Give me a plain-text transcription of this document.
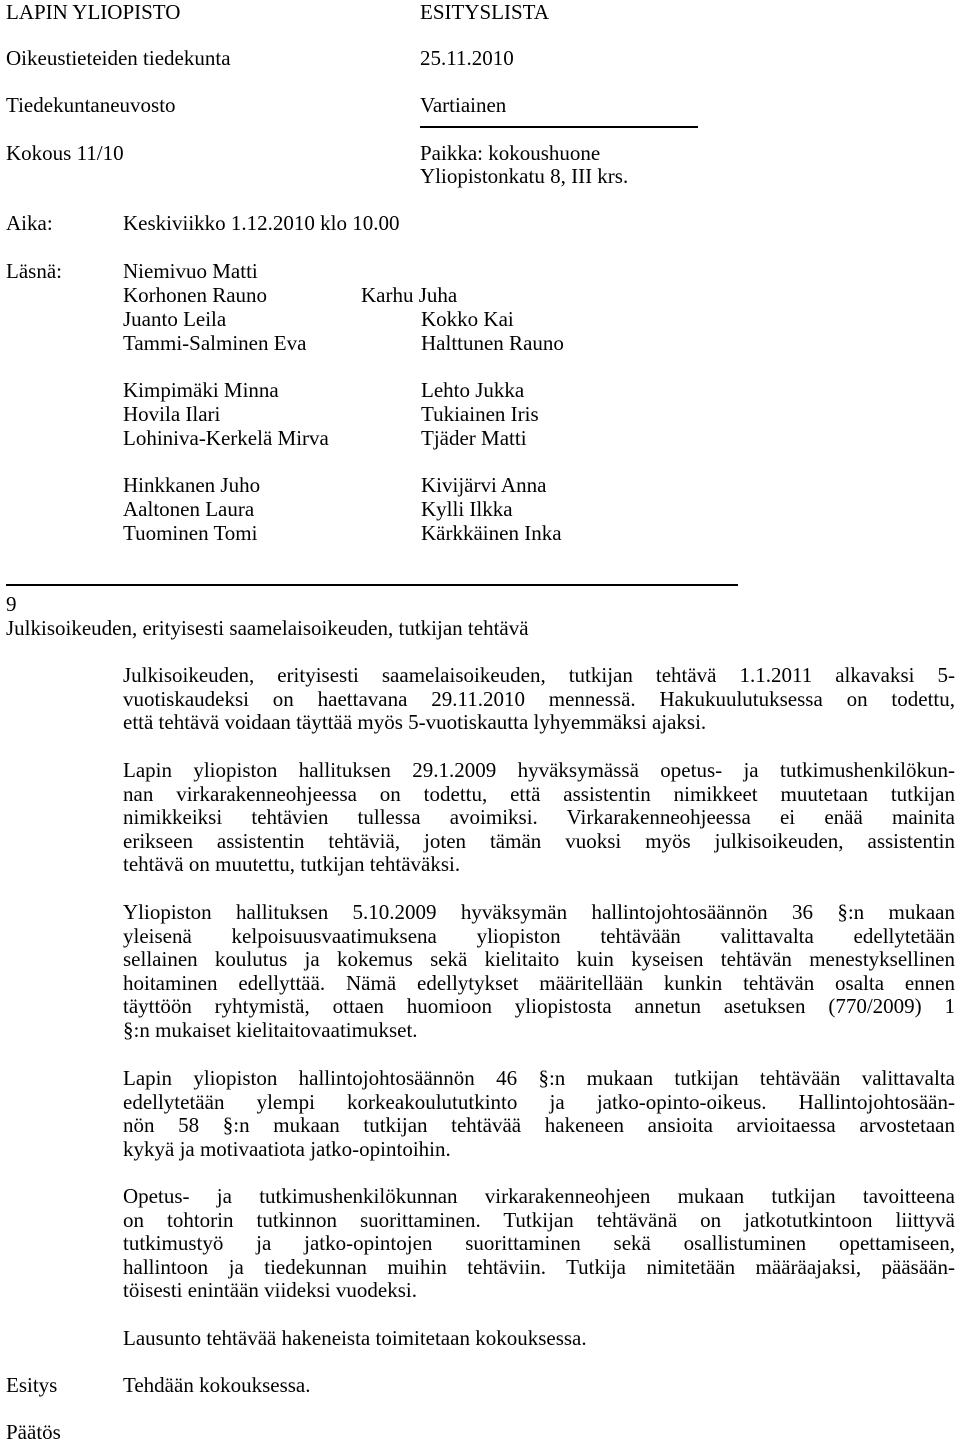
LAPIN YLIOPISTO	ESITYSLISTA
Oikeustieteiden tiedekunta	25.11.2010
Tiedekuntaneuvosto	Vartiainen
Kokous 11/10	Paikka: kokoushuone
Yliopistonkatu 8, III krs.
Aika:	Keskiviikko 1.12.2010 klo 10.00
Läsnä:	Niemivuo Matti
Korhonen Rauno	Karhu Juha
Juanto Leila	Kokko Kai
Tammi-Salminen Eva	Halttunen Rauno
Kimpimäki Minna	Lehto Jukka
Hovila Ilari	Tukiainen Iris
Lohiniva-Kerkelä Mirva	Tjäder Matti
Hinkkanen Juho	Kivijärvi Anna
Aaltonen Laura	Kylli Ilkka
Tuominen Tomi	Kärkkäinen Inka
9
Julkisoikeuden, erityisesti saamelaisoikeuden, tutkijan tehtävä
Julkisoikeuden, erityisesti saamelaisoikeuden, tutkijan tehtävä 1.1.2011 alkavaksi 5-
vuotiskaudeksi on haettavana 29.11.2010 mennessä. Hakukuulutuksessa on todettu,
että tehtävä voidaan täyttää myös 5-vuotiskautta lyhyemmäksi ajaksi.
Lapin yliopiston hallituksen 29.1.2009 hyväksymässä opetus- ja tutkimushenkilökun-
nan virkarakenneohjeessa on todettu, että assistentin nimikkeet muutetaan tutkijan
nimikkeiksi tehtävien tullessa avoimiksi. Virkarakenneohjeessa ei enää mainita
erikseen assistentin tehtäviä, joten tämän vuoksi myös julkisoikeuden, assistentin
tehtävä on muutettu, tutkijan tehtäväksi.
Yliopiston hallituksen 5.10.2009 hyväksymän hallintojohtosäännön 36 §:n mukaan
yleisenä kelpoisuusvaatimuksena yliopiston tehtävään valittavalta edellytetään
sellainen koulutus ja kokemus sekä kielitaito kuin kyseisen tehtävän menestyksellinen
hoitaminen edellyttää. Nämä edellytykset määritellään kunkin tehtävän osalta ennen
täyttöön ryhtymistä, ottaen huomioon yliopistosta annetun asetuksen (770/2009) 1
§:n mukaiset kielitaitovaatimukset.
Lapin yliopiston hallintojohtosäännön 46 §:n mukaan tutkijan tehtävään valittavalta
edellytetään ylempi korkeakoulututkinto ja jatko-opinto-oikeus. Hallintojohtosään-
nön 58 §:n mukaan tutkijan tehtävää hakeneen ansioita arvioitaessa arvostetaan
kykyä ja motivaatiota jatko-opintoihin.
Opetus- ja tutkimushenkilökunnan virkarakenneohjeen mukaan tutkijan tavoitteena
on tohtorin tutkinnon suorittaminen. Tutkijan tehtävänä on jatkotutkintoon liittyvä
tutkimustyö ja jatko-opintojen suorittaminen sekä osallistuminen opettamiseen,
hallintoon ja tiedekunnan muihin tehtäviin. Tutkija nimitetään määräajaksi, pääsään-
töisesti enintään viideksi vuodeksi.
Lausunto tehtävää hakeneista toimitetaan kokouksessa.
Esitys	Tehdään kokouksessa.
Päätös
